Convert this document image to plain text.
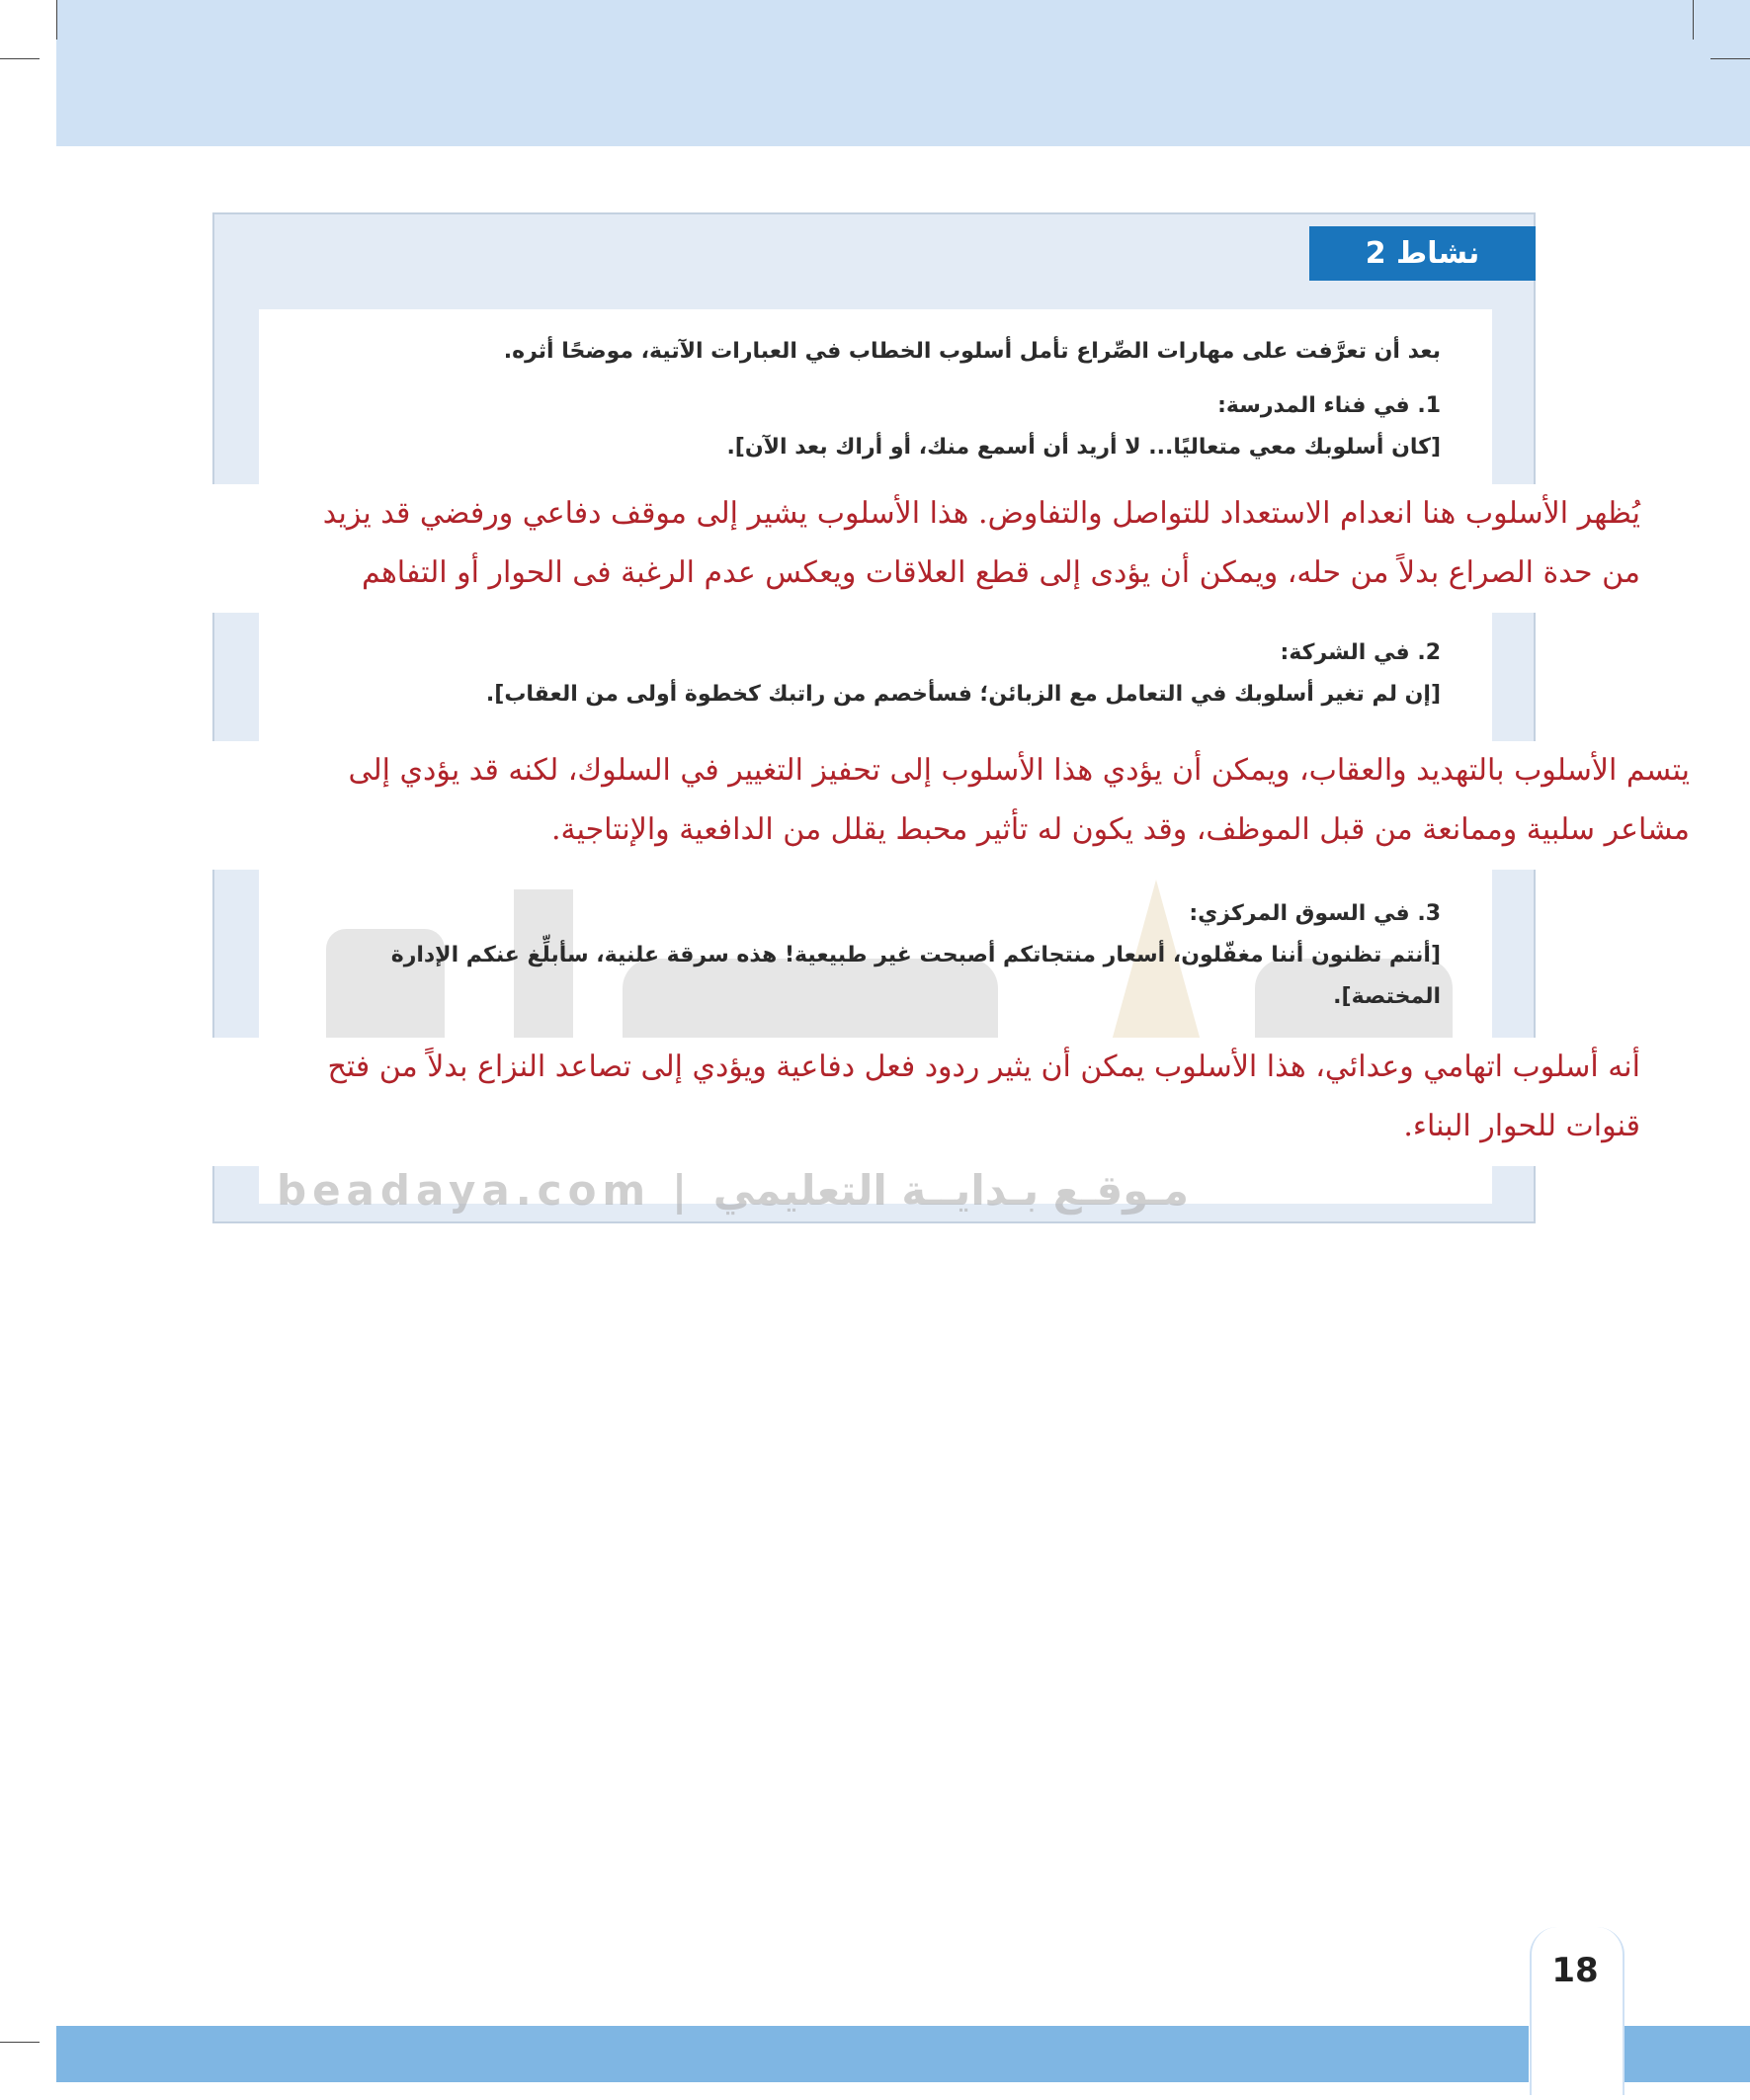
نشاط 2
بعد أن تعرَّفت على مهارات الصِّراع تأمل أسلوب الخطاب في العبارات الآتية، موضحًا أثره.
1. في فناء المدرسة:
[كان أسلوبك معي متعاليًا... لا أريد أن أسمع منك، أو أراك بعد الآن].
يُظهر الأسلوب هنا انعدام الاستعداد للتواصل والتفاوض. هذا الأسلوب يشير إلى موقف دفاعي ورفضي قد يزيد
من حدة الصراع بدلاً من حله، ويمكن أن يؤدى إلى قطع العلاقات ويعكس عدم الرغبة فى الحوار أو التفاهم
2. في الشركة:
[إن لم تغير أسلوبك في التعامل مع الزبائن؛ فسأخصم من راتبك كخطوة أولى من العقاب].
يتسم الأسلوب بالتهديد والعقاب، ويمكن أن يؤدي هذا الأسلوب إلى تحفيز التغيير في السلوك، لكنه قد يؤدي إلى
مشاعر سلبية وممانعة من قبل الموظف، وقد يكون له تأثير محبط يقلل من الدافعية والإنتاجية.
3. في السوق المركزي:
[أنتم تظنون أننا مغفّلون، أسعار منتجاتكم أصبحت غير طبيعية! هذه سرقة علنية، سأبلِّغ عنكم الإدارة
المختصة].
أنه أسلوب اتهامي وعدائي، هذا الأسلوب يمكن أن يثير ردود فعل دفاعية ويؤدي إلى تصاعد النزاع بدلاً من فتح
قنوات للحوار البناء.
beadaya.com | مـوقـع بـدايــة التعليمي
18
